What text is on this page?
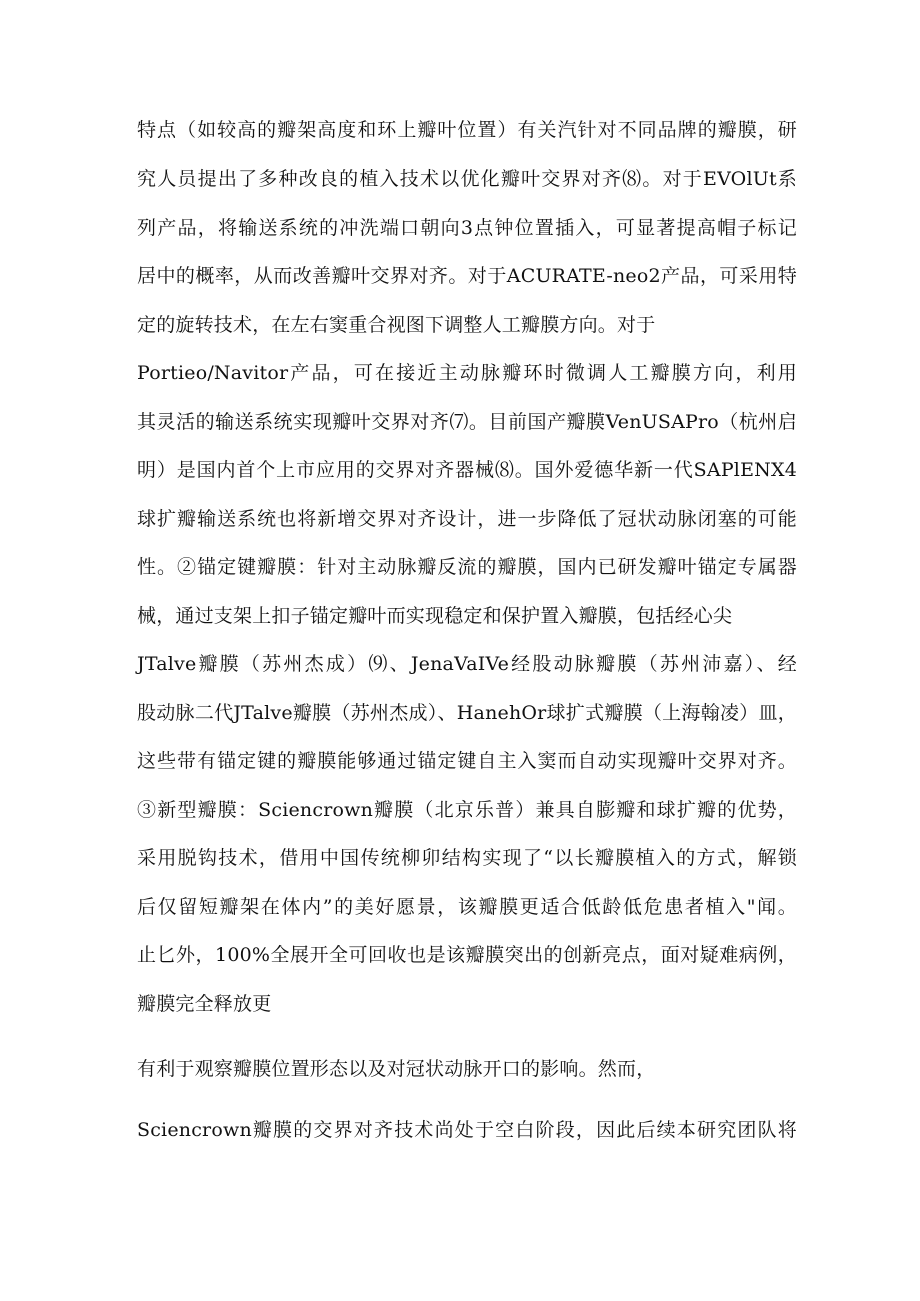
特点（如较高的瓣架高度和环上瓣叶位置）有关汽针对不同品牌的瓣膜，研
究人员提出了多种改良的植入技术以优化瓣叶交界对齐⑻。对于EVOlUt系
列产品，将输送系统的冲洗端口朝向3点钟位置插入，可显著提高帽子标记
居中的概率，从而改善瓣叶交界对齐。对于ACURATE-neo2产品，可采用特
定的旋转技术，在左右窦重合视图下调整人工瓣膜方向。对于
Portieo/Navitor产品，可在接近主动脉瓣环时微调人工瓣膜方向，利用
其灵活的输送系统实现瓣叶交界对齐⑺。目前国产瓣膜VenUSAPro（杭州启
明）是国内首个上市应用的交界对齐器械⑻。国外爱德华新一代SAPlENX4
球扩瓣输送系统也将新增交界对齐设计，进一步降低了冠状动脉闭塞的可能
性。②锚定键瓣膜：针对主动脉瓣反流的瓣膜，国内已研发瓣叶锚定专属器
械，通过支架上扣子锚定瓣叶而实现稳定和保护置入瓣膜，包括经心尖
JTalve瓣膜（苏州杰成）⑼、JenaVaIVe经股动脉瓣膜（苏州沛嘉）、经
股动脉二代JTalve瓣膜（苏州杰成）、HanehOr球扩式瓣膜（上海翰凌）皿，
这些带有锚定键的瓣膜能够通过锚定键自主入窦而自动实现瓣叶交界对齐。
③新型瓣膜：Sciencrown瓣膜（北京乐普）兼具自膨瓣和球扩瓣的优势，
采用脱钩技术，借用中国传统柳卯结构实现了“以长瓣膜植入的方式，解锁
后仅留短瓣架在体内”的美好愿景，该瓣膜更适合低龄低危患者植入"闻。
止匕外，100%全展开全可回收也是该瓣膜突出的创新亮点，面对疑难病例，
瓣膜完全释放更
有利于观察瓣膜位置形态以及对冠状动脉开口的影响。然而，
Sciencrown瓣膜的交界对齐技术尚处于空白阶段，因此后续本研究团队将
